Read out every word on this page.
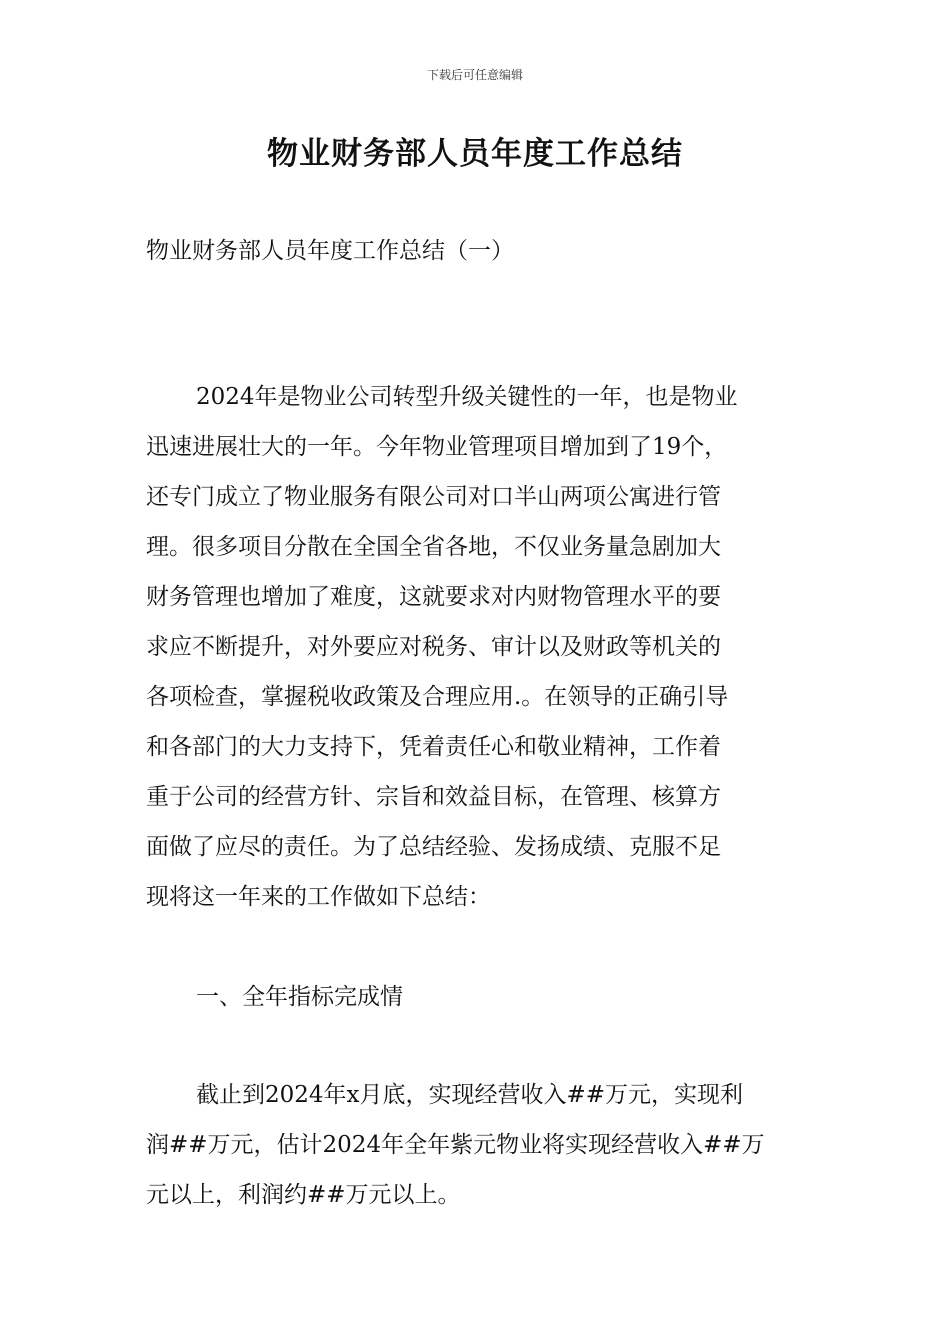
下载后可任意编辑
物业财务部人员年度工作总结

物业财务部人员年度工作总结（一）

2024年是物业公司转型升级关键性的一年，也是物业
迅速进展壮大的一年。今年物业管理项目增加到了19个，
还专门成立了物业服务有限公司对口半山两项公寓进行管
理。很多项目分散在全国全省各地，不仅业务量急剧加大
财务管理也增加了难度，这就要求对内财物管理水平的要
求应不断提升，对外要应对税务、审计以及财政等机关的
各项检查，掌握税收政策及合理应用.。在领导的正确引导
和各部门的大力支持下，凭着责任心和敬业精神，工作着
重于公司的经营方针、宗旨和效益目标，在管理、核算方
面做了应尽的责任。为了总结经验、发扬成绩、克服不足
现将这一年来的工作做如下总结：

一、全年指标完成情

截止到2024年x月底，实现经营收入##万元，实现利
润##万元，估计2024年全年紫元物业将实现经营收入##万
元以上，利润约##万元以上。
